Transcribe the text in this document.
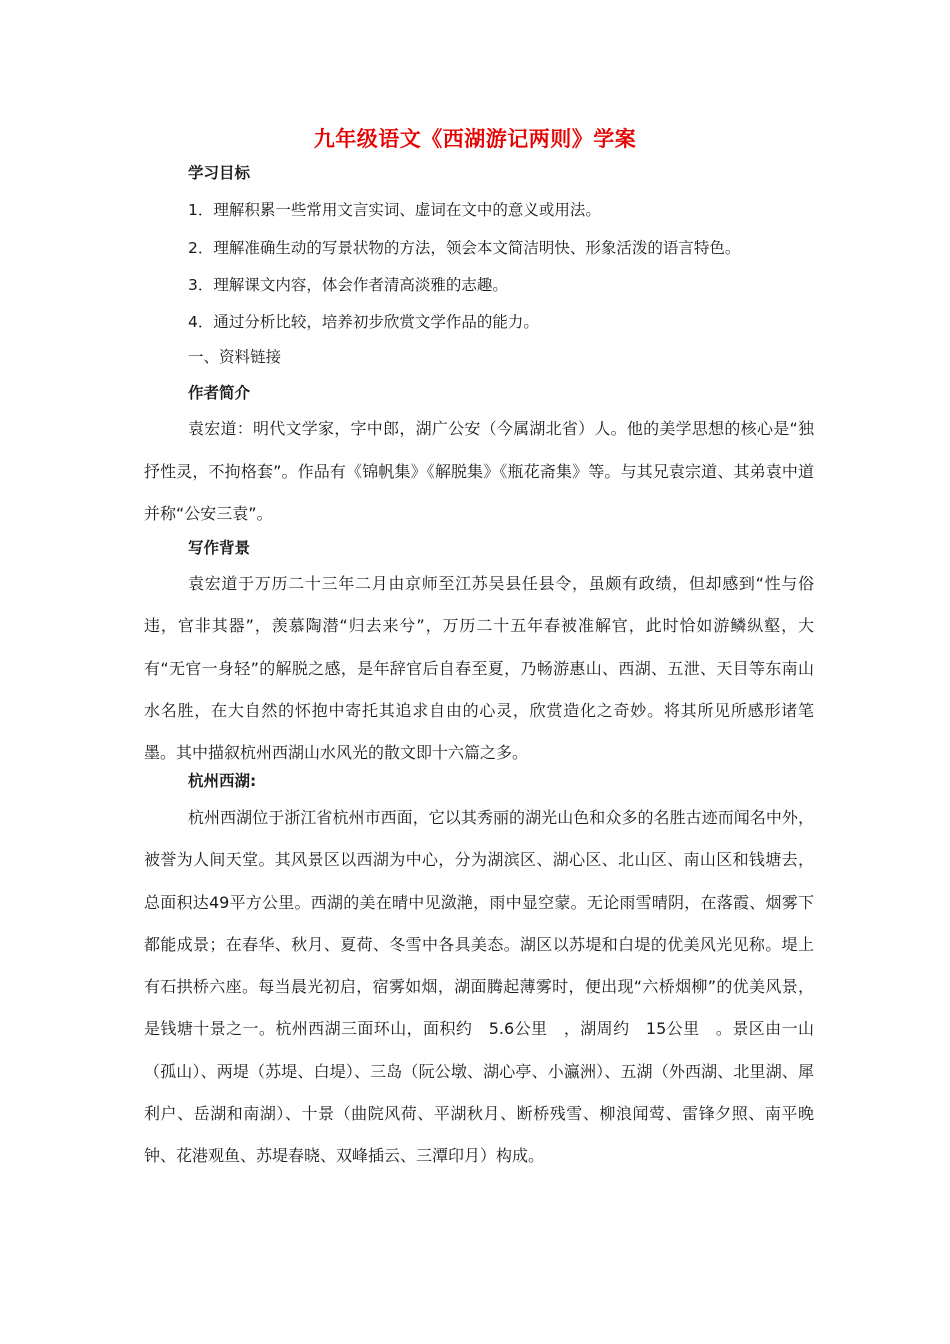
九年级语文《西湖游记两则》学案
学习目标
1．理解积累一些常用文言实词、虚词在文中的意义或用法。
2．理解准确生动的写景状物的方法，领会本文简洁明快、形象活泼的语言特色。
3．理解课文内容，体会作者清高淡雅的志趣。
4．通过分析比较，培养初步欣赏文学作品的能力。
一、资料链接
作者简介
袁宏道：明代文学家，字中郎，湖广公安（今属湖北省）人。他的美学思想的核心是“独抒性灵，不拘格套”。作品有《锦帆集》《解脱集》《瓶花斋集》等。与其兄袁宗道、其弟袁中道并称“公安三袁”。
写作背景
袁宏道于万历二十三年二月由京师至江苏吴县任县令，虽颇有政绩，但却感到“性与俗违，官非其器”，羡慕陶潜“归去来兮”，万历二十五年春被准解官，此时恰如游鳞纵壑，大有“无官一身轻”的解脱之感，是年辞官后自春至夏，乃畅游惠山、西湖、五泄、天目等东南山水名胜，在大自然的怀抱中寄托其追求自由的心灵，欣赏造化之奇妙。将其所见所感形诸笔墨。其中描叙杭州西湖山水风光的散文即十六篇之多。
杭州西湖:
杭州西湖位于浙江省杭州市西面，它以其秀丽的湖光山色和众多的名胜古迹而闻名中外，被誉为人间天堂。其风景区以西湖为中心，分为湖滨区、湖心区、北山区、南山区和钱塘去，总面积达49平方公里。西湖的美在晴中见潋滟，雨中显空蒙。无论雨雪晴阴，在落霞、烟雾下都能成景；在春华、秋月、夏荷、冬雪中各具美态。湖区以苏堤和白堤的优美风光见称。堤上有石拱桥六座。每当晨光初启，宿雾如烟，湖面腾起薄雾时，便出现“六桥烟柳”的优美风景，是钱塘十景之一。杭州西湖三面环山，面积约　5.6公里　，湖周约　15公里　。景区由一山（孤山）、两堤（苏堤、白堤）、三岛（阮公墩、湖心亭、小瀛洲）、五湖（外西湖、北里湖、犀利户、岳湖和南湖）、十景（曲院风荷、平湖秋月、断桥残雪、柳浪闻莺、雷锋夕照、南平晚钟、花港观鱼、苏堤春晓、双峰插云、三潭印月）构成。
